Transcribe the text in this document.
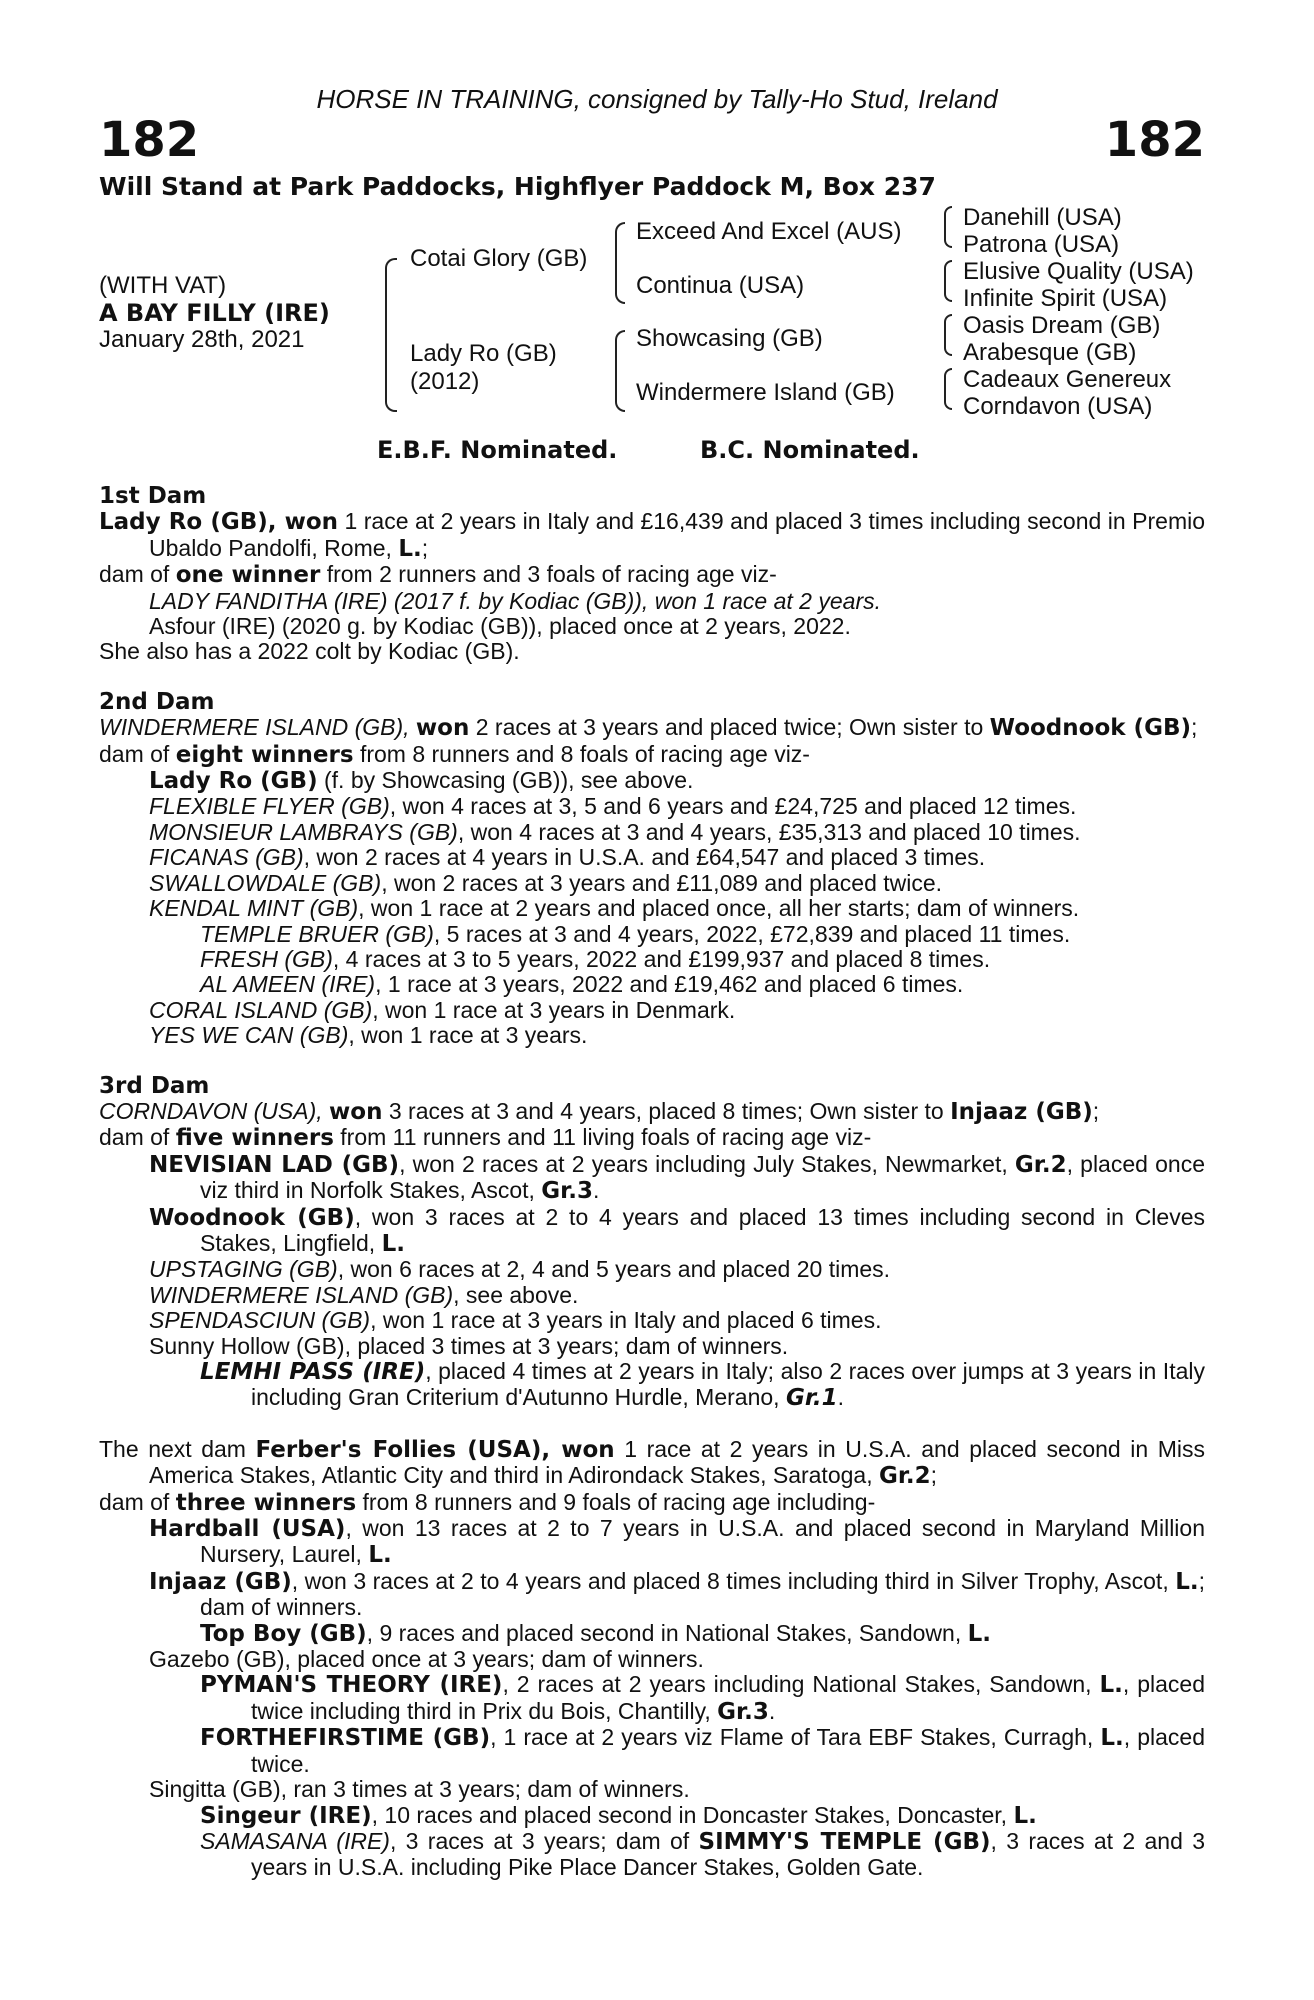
HORSE IN TRAINING, consigned by Tally-Ho Stud, Ireland
182	182
Will Stand at Park Paddocks, Highflyer Paddock M, Box 237
(WITH VAT)
A BAY FILLY (IRE)
January 28th, 2021
Cotai Glory (GB)
Lady Ro (GB)
(2012)
Exceed And Excel (AUS)
Continua (USA)
Showcasing (GB)
Windermere Island (GB)
Danehill (USA)
Patrona (USA)
Elusive Quality (USA)
Infinite Spirit (USA)
Oasis Dream (GB)
Arabesque (GB)
Cadeaux Genereux
Corndavon (USA)
E.B.F. Nominated.	B.C. Nominated.
1st Dam

Lady Ro (GB), won 1 race at 2 years in Italy and £16,439 and placed 3 times including second in Premio Ubaldo Pandolfi, Rome, L.;

dam of one winner from 2 runners and 3 foals of racing age viz-

LADY FANDITHA (IRE) (2017 f. by Kodiac (GB)), won 1 race at 2 years.

Asfour (IRE) (2020 g. by Kodiac (GB)), placed once at 2 years, 2022.

She also has a 2022 colt by Kodiac (GB).

2nd Dam

WINDERMERE ISLAND (GB), won 2 races at 3 years and placed twice; Own sister to Woodnook (GB);

dam of eight winners from 8 runners and 8 foals of racing age viz-

Lady Ro (GB) (f. by Showcasing (GB)), see above.

FLEXIBLE FLYER (GB), won 4 races at 3, 5 and 6 years and £24,725 and placed 12 times.

MONSIEUR LAMBRAYS (GB), won 4 races at 3 and 4 years, £35,313 and placed 10 times.

FICANAS (GB), won 2 races at 4 years in U.S.A. and £64,547 and placed 3 times.

SWALLOWDALE (GB), won 2 races at 3 years and £11,089 and placed twice.

KENDAL MINT (GB), won 1 race at 2 years and placed once, all her starts; dam of winners.

TEMPLE BRUER (GB), 5 races at 3 and 4 years, 2022, £72,839 and placed 11 times.

FRESH (GB), 4 races at 3 to 5 years, 2022 and £199,937 and placed 8 times.

AL AMEEN (IRE), 1 race at 3 years, 2022 and £19,462 and placed 6 times.

CORAL ISLAND (GB), won 1 race at 3 years in Denmark.

YES WE CAN (GB), won 1 race at 3 years.

3rd Dam

CORNDAVON (USA), won 3 races at 3 and 4 years, placed 8 times; Own sister to Injaaz (GB);

dam of five winners from 11 runners and 11 living foals of racing age viz-

NEVISIAN LAD (GB), won 2 races at 2 years including July Stakes, Newmarket, Gr.2, placed once viz third in Norfolk Stakes, Ascot, Gr.3.

Woodnook (GB), won 3 races at 2 to 4 years and placed 13 times including second in Cleves Stakes, Lingfield, L.

UPSTAGING (GB), won 6 races at 2, 4 and 5 years and placed 20 times.

WINDERMERE ISLAND (GB), see above.

SPENDASCIUN (GB), won 1 race at 3 years in Italy and placed 6 times.

Sunny Hollow (GB), placed 3 times at 3 years; dam of winners.

LEMHI PASS (IRE), placed 4 times at 2 years in Italy; also 2 races over jumps at 3 years in Italy including Gran Criterium d'Autunno Hurdle, Merano, Gr.1.

The next dam Ferber's Follies (USA), won 1 race at 2 years in U.S.A. and placed second in Miss America Stakes, Atlantic City and third in Adirondack Stakes, Saratoga, Gr.2;

dam of three winners from 8 runners and 9 foals of racing age including-

Hardball (USA), won 13 races at 2 to 7 years in U.S.A. and placed second in Maryland Million Nursery, Laurel, L.

Injaaz (GB), won 3 races at 2 to 4 years and placed 8 times including third in Silver Trophy, Ascot, L.; dam of winners.

Top Boy (GB), 9 races and placed second in National Stakes, Sandown, L.

Gazebo (GB), placed once at 3 years; dam of winners.

PYMAN'S THEORY (IRE), 2 races at 2 years including National Stakes, Sandown, L., placed twice including third in Prix du Bois, Chantilly, Gr.3.

FORTHEFIRSTIME (GB), 1 race at 2 years viz Flame of Tara EBF Stakes, Curragh, L., placed twice.

Singitta (GB), ran 3 times at 3 years; dam of winners.

Singeur (IRE), 10 races and placed second in Doncaster Stakes, Doncaster, L.

SAMASANA (IRE), 3 races at 3 years; dam of SIMMY'S TEMPLE (GB), 3 races at 2 and 3 years in U.S.A. including Pike Place Dancer Stakes, Golden Gate.
